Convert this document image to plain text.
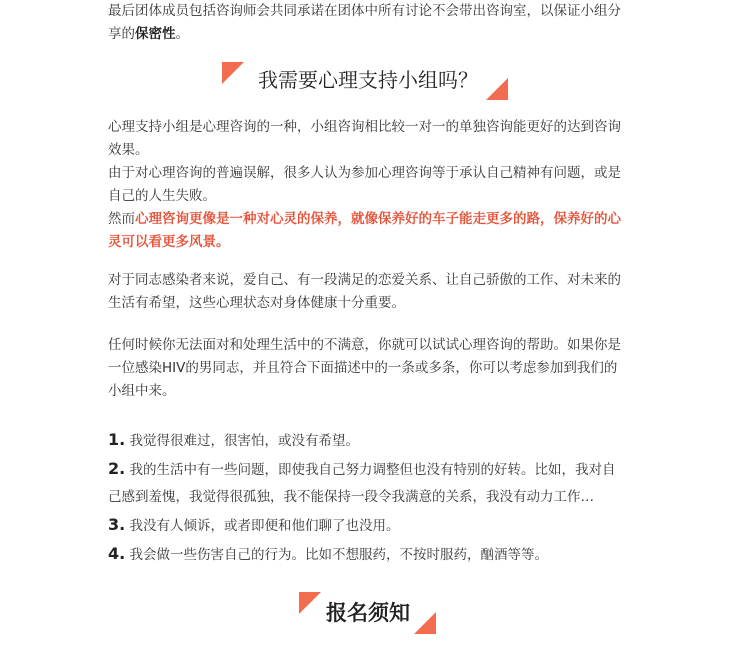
最后团体成员包括咨询师会共同承诺在团体中所有讨论不会带出咨询室，以保证小组分享的保密性。

我需要心理支持小组吗？

心理支持小组是心理咨询的一种，小组咨询相比较一对一的单独咨询能更好的达到咨询效果。

由于对心理咨询的普遍误解，很多人认为参加心理咨询等于承认自己精神有问题，或是自己的人生失败。

然而心理咨询更像是一种对心灵的保养，就像保养好的车子能走更多的路，保养好的心灵可以看更多风景。

对于同志感染者来说，爱自己、有一段满足的恋爱关系、让自己骄傲的工作、对未来的生活有希望，这些心理状态对身体健康十分重要。

任何时候你无法面对和处理生活中的不满意，你就可以试试心理咨询的帮助。如果你是一位感染HIV的男同志，并且符合下面描述中的一条或多条，你可以考虑参加到我们的小组中来。

1. 我觉得很难过，很害怕，或没有希望。
2. 我的生活中有一些问题，即使我自己努力调整但也没有特别的好转。比如，我对自己感到羞愧，我觉得很孤独，我不能保持一段令我满意的关系，我没有动力工作…
3. 我没有人倾诉，或者即便和他们聊了也没用。
4. 我会做一些伤害自己的行为。比如不想服药，不按时服药，酗酒等等。
报名须知
